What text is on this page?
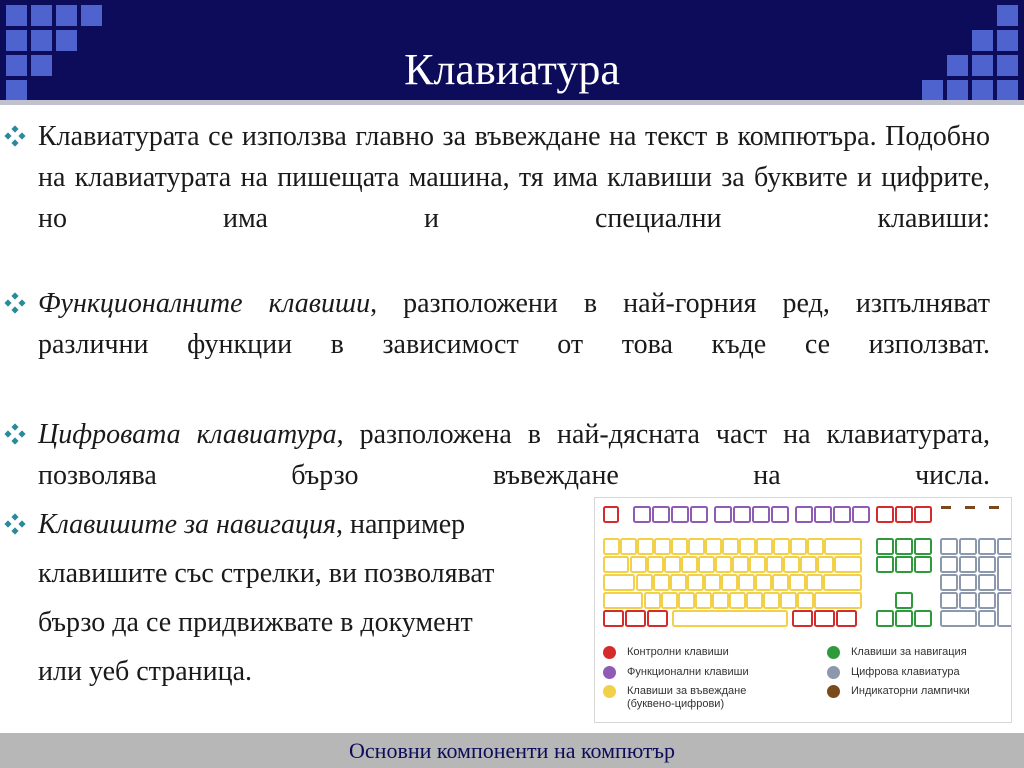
Клавиатура
Клавиатурата се използва главно за въвеждане на текст в компютъра. Подобно на клавиатурата на пишещата машина, тя има клавиши за буквите и цифрите, но има и специални клавиши:
Функционалните клавиши, разположени в най-горния ред, изпълняват различни функции в зависимост от това къде се използват.
Цифровата клавиатура, разположена в най-дясната част на клавиатурата, позволява бързо въвеждане на числа.
Клавишите за навигация, например
клавишите със стрелки, ви позволяват
бързо да се придвижвате в документ
или уеб страница.
Контролни клавиши
Функционални клавиши
Клавиши за въвеждане (буквено-цифрови)
Клавиши за навигация
Цифрова клавиатура
Индикаторни лампички
Основни компоненти на компютър
